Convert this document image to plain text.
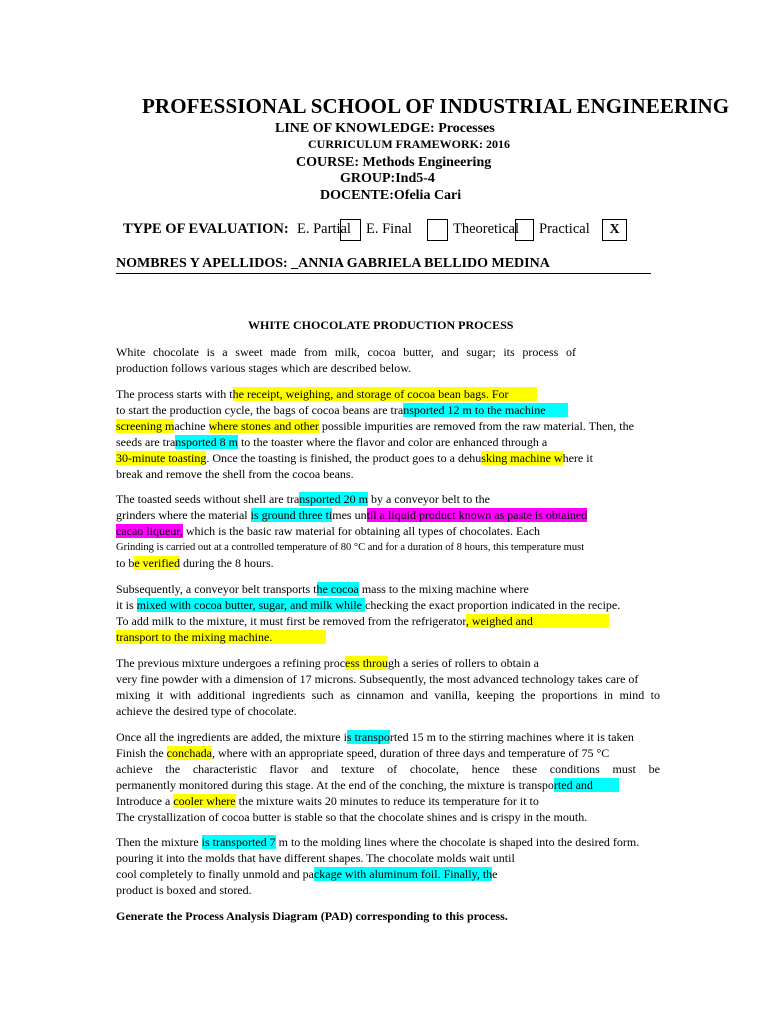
PROFESSIONAL SCHOOL OF INDUSTRIAL ENGINEERING
LINE OF KNOWLEDGE: Processes
CURRICULUM FRAMEWORK: 2016
COURSE: Methods Engineering
GROUP:Ind5-4
DOCENTE:Ofelia Cari
TYPE OF EVALUATION: E. Partial E. Final	Theoretical Practical	X
NOMBRES Y APELLIDOS: _ANNIA GABRIELA BELLIDO MEDINA
WHITE CHOCOLATE PRODUCTION PROCESS
White chocolate is a sweet made from milk, cocoa butter, and sugar; its process of
production follows various stages which are described below.
The process starts with the receipt, weighing, and storage of cocoa bean bags. For
to start the production cycle, the bags of cocoa beans are transported 12 m to the machine
screening machine where stones and other possible impurities are removed from the raw material. Then, the
seeds are transported 8 m to the toaster where the flavor and color are enhanced through a
30-minute toasting. Once the toasting is finished, the product goes to a dehusking machine where it
break and remove the shell from the cocoa beans.
The toasted seeds without shell are transported 20 m by a conveyor belt to the
grinders where the material is ground three times until a liquid product known as paste is obtained
cacao liqueur, which is the basic raw material for obtaining all types of chocolates. Each
Grinding is carried out at a controlled temperature of 80 °C and for a duration of 8 hours, this temperature must
to be verified during the 8 hours.
Subsequently, a conveyor belt transports the cocoa mass to the mixing machine where
it is mixed with cocoa butter, sugar, and milk while checking the exact proportion indicated in the recipe.
To add milk to the mixture, it must first be removed from the refrigerator, weighed and
transport to the mixing machine.
The previous mixture undergoes a refining process through a series of rollers to obtain a
very fine powder with a dimension of 17 microns. Subsequently, the most advanced technology takes care of
mixing it with additional ingredients such as cinnamon and vanilla, keeping the proportions in mind to
achieve the desired type of chocolate.
Once all the ingredients are added, the mixture is transported 15 m to the stirring machines where it is taken
Finish the conchada, where with an appropriate speed, duration of three days and temperature of 75 °C
achieve the characteristic flavor and texture of chocolate, hence these conditions must be
permanently monitored during this stage. At the end of the conching, the mixture is transported and
Introduce a cooler where the mixture waits 20 minutes to reduce its temperature for it to
The crystallization of cocoa butter is stable so that the chocolate shines and is crispy in the mouth.
Then the mixture is transported 7 m to the molding lines where the chocolate is shaped into the desired form.
pouring it into the molds that have different shapes. The chocolate molds wait until
cool completely to finally unmold and package with aluminum foil. Finally, the
product is boxed and stored.
Generate the Process Analysis Diagram (PAD) corresponding to this process.
